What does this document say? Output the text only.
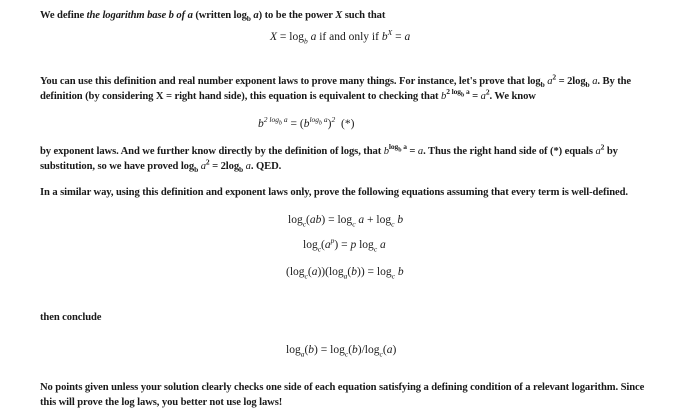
We define the logarithm base b of a (written $\log_b a$) to be the power X such that
$X = \log_b a$ if and only if $b^X = a$
You can use this definition and real number exponent laws to prove many things. For instance, let's prove that $\log_b a^2 = 2\log_b$ a. By the
definition (by considering X = right hand side), this equation is equivalent to checking that $b^{2 log_b a} = a^2$. We know
$b^{2 log_b a} = (b^{log_b a})^2$ (*)
by exponent laws. And we further know directly by the definition of logs, that $b^{log_b a} = a$. Thus the right hand side of (*) equals $a^2$ by
substitution, so we have proved $\log_b a^2 = 2\log_b$ a. QED.
In a similar way, using this definition and exponent laws only, prove the following equations assuming that every term is well-defined.
$\log_c(ab) = \log_c a + \log_c b$
$\log_c(a^p) = p$ $\log_c a$
$(\log_c(a))(\log_a(b)) = \log_c b$
then conclude
$\log_a(b) = \log_c(b)/\log_c(a)$
No points given unless your solution clearly checks one side of each equation satisfying a defining condition of a relevant logarithm. Since
this will prove the log laws, you better not use log laws!
